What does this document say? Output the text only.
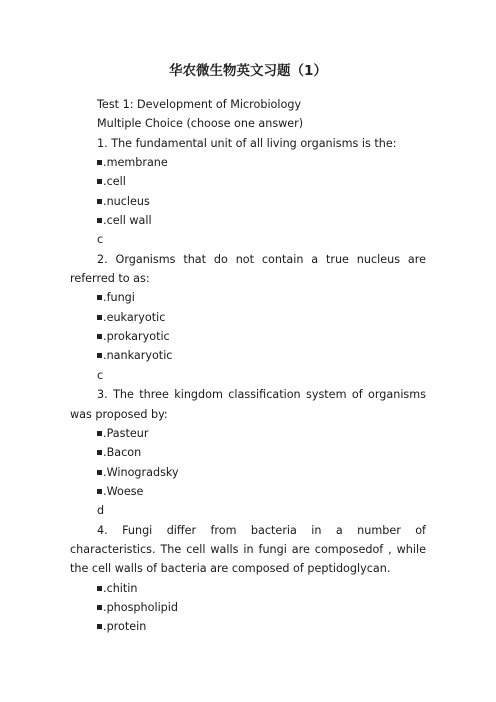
华农微生物英文习题（1）
Test 1: Development of Microbiology
Multiple Choice (choose one answer)
1. The fundamental unit of all living organisms is the:
.membrane
.cell
.nucleus
.cell wall
c
2. Organisms that do not contain a true nucleus are referred to as:
.fungi
.eukaryotic
.prokaryotic
.nankaryotic
c
3. The three kingdom classification system of organisms was proposed by:
.Pasteur
.Bacon
.Winogradsky
.Woese
d
4. Fungi differ from bacteria in a number of characteristics. The cell walls in fungi are composedof , while the cell walls of bacteria are composed of peptidoglycan.
.chitin
.phospholipid
.protein
